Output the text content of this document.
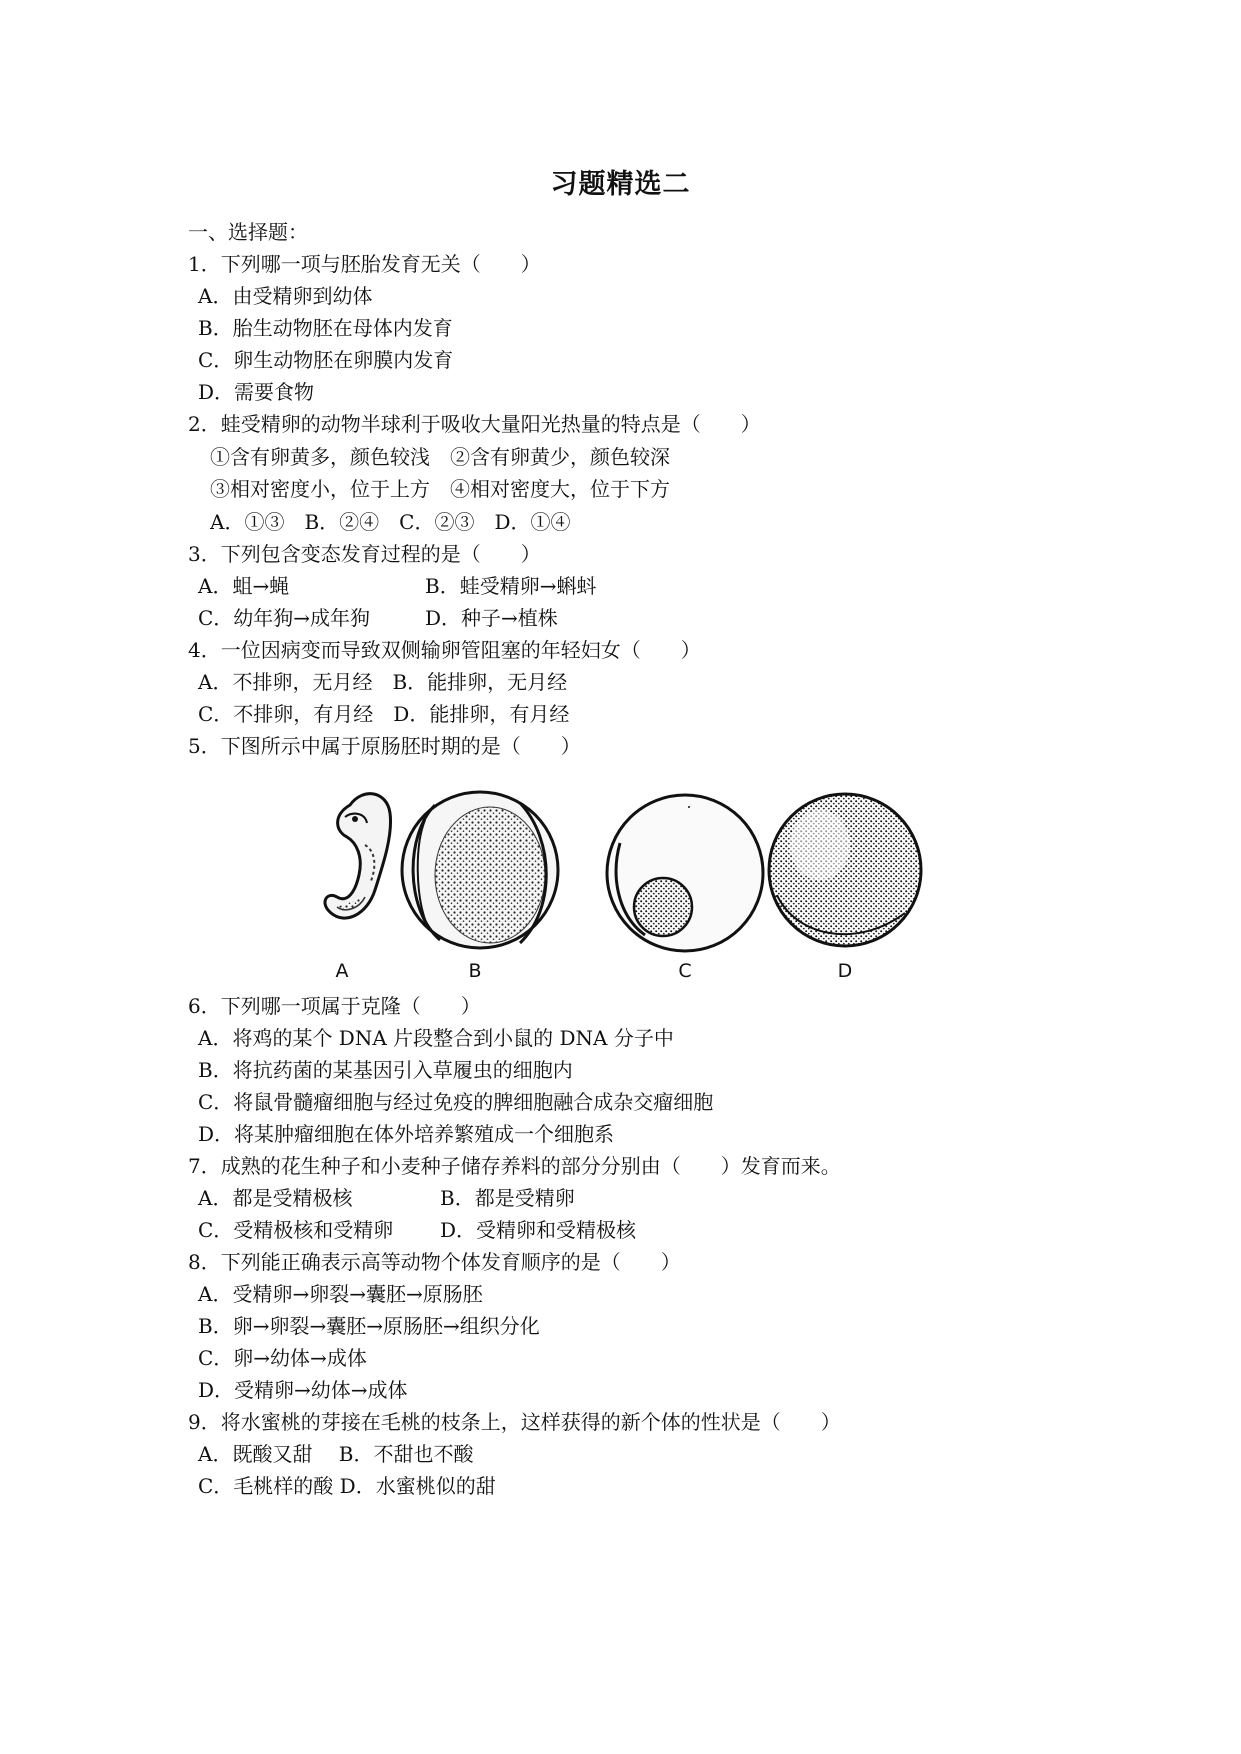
习题精选二
一、选择题：
1．下列哪一项与胚胎发育无关（　　）
A．由受精卵到幼体
B．胎生动物胚在母体内发育
C．卵生动物胚在卵膜内发育
D．需要食物
2．蛙受精卵的动物半球利于吸收大量阳光热量的特点是（　　）
①含有卵黄多，颜色较浅　②含有卵黄少，颜色较深
③相对密度小，位于上方　④相对密度大，位于下方
A．①③　B．②④　C．②③　D．①④
3．下列包含变态发育过程的是（　　）
A．蛆→蝇	B．蛙受精卵→蝌蚪
C．幼年狗→成年狗	D．种子→植株
4．一位因病变而导致双侧输卵管阻塞的年轻妇女（　　）
A．不排卵，无月经　B．能排卵，无月经
C．不排卵，有月经　D．能排卵，有月经
5．下图所示中属于原肠胚时期的是（　　）
A	B	C	D
6．下列哪一项属于克隆（　　）
A．将鸡的某个 DNA 片段整合到小鼠的 DNA 分子中
B．将抗药菌的某基因引入草履虫的细胞内
C．将鼠骨髓瘤细胞与经过免疫的脾细胞融合成杂交瘤细胞
D．将某肿瘤细胞在体外培养繁殖成一个细胞系
7．成熟的花生种子和小麦种子储存养料的部分分别由（　　）发育而来。
A．都是受精极核	B．都是受精卵
C．受精极核和受精卵 D．受精卵和受精极核
8．下列能正确表示高等动物个体发育顺序的是（　　）
A．受精卵→卵裂→囊胚→原肠胚
B．卵→卵裂→囊胚→原肠胚→组织分化
C．卵→幼体→成体
D．受精卵→幼体→成体
9．将水蜜桃的芽接在毛桃的枝条上，这样获得的新个体的性状是（　　）
A．既酸又甜　 B．不甜也不酸
C．毛桃样的酸 D．水蜜桃似的甜
